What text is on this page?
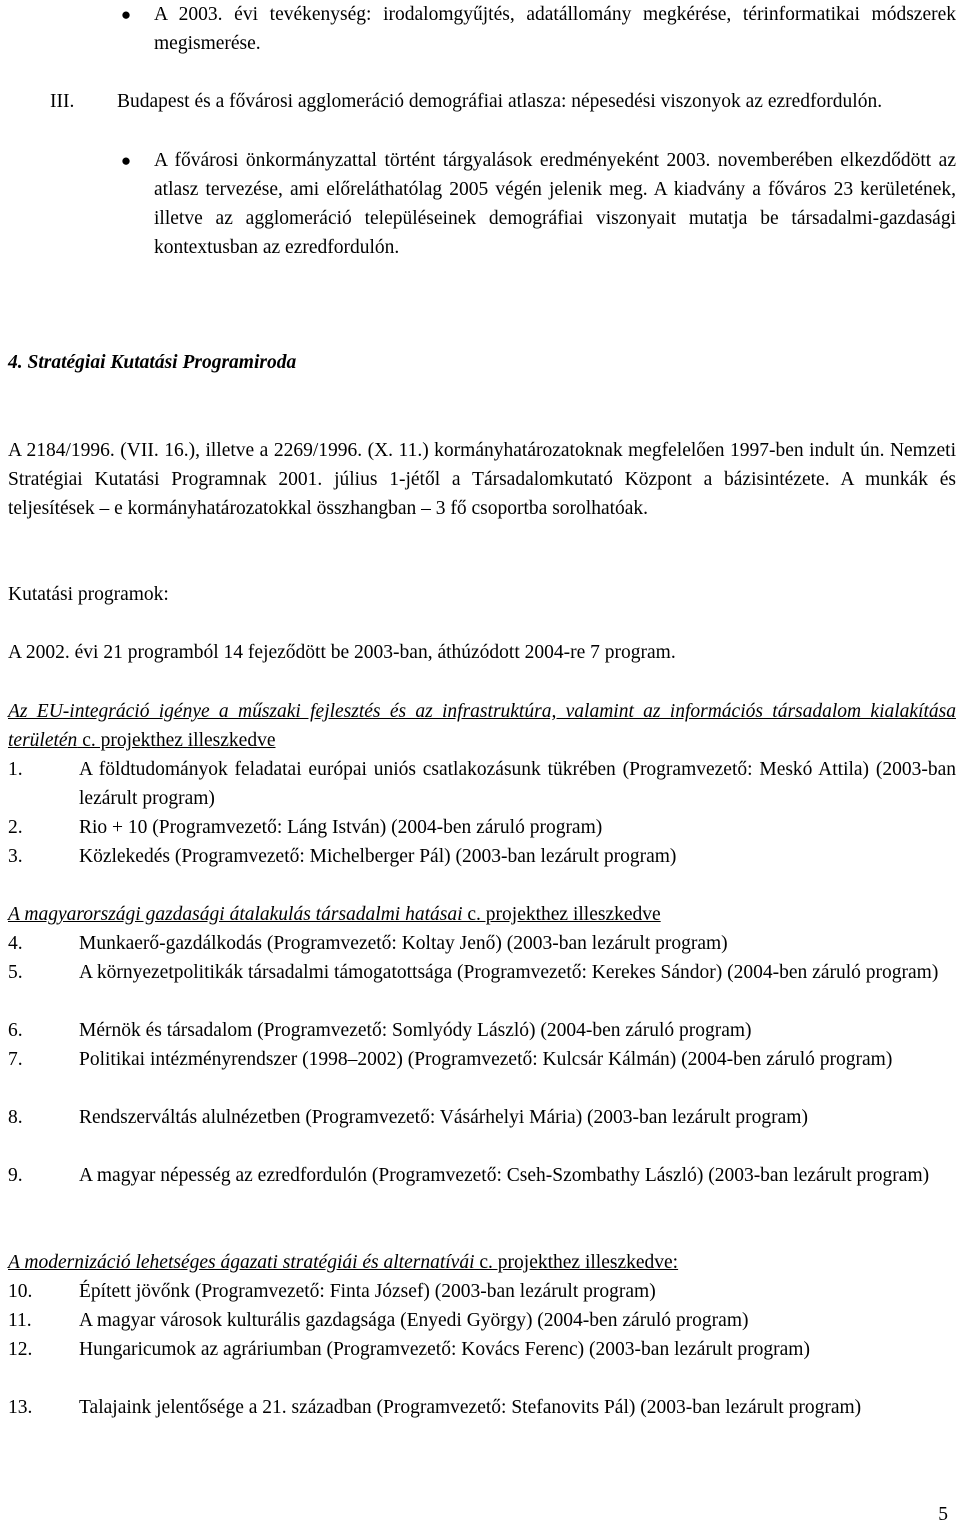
●	A 2003. évi tevékenység: irodalomgyűjtés, adatállomány megkérése, térinformatikai módszerek megismerése.
III. Budapest és a fővárosi agglomeráció demográfiai atlasza: népesedési viszonyok az ezredfordulón.
●	A fővárosi önkormányzattal történt tárgyalások eredményeként 2003. novemberében elkezdődött az atlasz tervezése, ami előreláthatólag 2005 végén jelenik meg. A kiadvány a főváros 23 kerületének, illetve az agglomeráció településeinek demográfiai viszonyait mutatja be társadalmi-gazdasági kontextusban az ezredfordulón.
4. Stratégiai Kutatási Programiroda
A 2184/1996. (VII. 16.), illetve a 2269/1996. (X. 11.) kormányhatározatoknak megfelelően 1997-ben indult ún. Nemzeti Stratégiai Kutatási Programnak 2001. július 1-jétől a Társadalomkutató Központ a bázisintézete. A munkák és teljesítések – e kormányhatározatokkal összhangban – 3 fő csoportba sorolhatóak.
Kutatási programok:
A 2002. évi 21 programból 14 fejeződött be 2003-ban, áthúzódott 2004-re 7 program.
Az EU-integráció igénye a műszaki fejlesztés és az infrastruktúra, valamint az információs társadalom kialakítása területén c. projekthez illeszkedve
1.	A földtudományok feladatai európai uniós csatlakozásunk tükrében (Programvezető: Meskó Attila) (2003-ban lezárult program)
2.	Rio + 10 (Programvezető: Láng István) (2004-ben záruló program)
3.	Közlekedés (Programvezető: Michelberger Pál) (2003-ban lezárult program)
A magyarországi gazdasági átalakulás társadalmi hatásai c. projekthez illeszkedve
4.	Munkaerő-gazdálkodás (Programvezető: Koltay Jenő) (2003-ban lezárult program)
5.	A környezetpolitikák társadalmi támogatottsága (Programvezető: Kerekes Sándor) (2004-ben záruló program)
6.	Mérnök és társadalom (Programvezető: Somlyódy László) (2004-ben záruló program)
7.	Politikai intézményrendszer (1998–2002) (Programvezető: Kulcsár Kálmán) (2004-ben záruló program)
8.	Rendszerváltás alulnézetben (Programvezető: Vásárhelyi Mária) (2003-ban lezárult program)
9.	A magyar népesség az ezredfordulón (Programvezető: Cseh-Szombathy László) (2003-ban lezárult program)
A modernizáció lehetséges ágazati stratégiái és alternatívái c. projekthez illeszkedve:
10.	Épített jövőnk (Programvezető: Finta József) (2003-ban lezárult program)
11.	A magyar városok kulturális gazdagsága (Enyedi György) (2004-ben záruló program)
12.	Hungaricumok az agráriumban (Programvezető: Kovács Ferenc) (2003-ban lezárult program)
13.	Talajaink jelentősége a 21. században (Programvezető: Stefanovits Pál) (2003-ban lezárult program)
5
